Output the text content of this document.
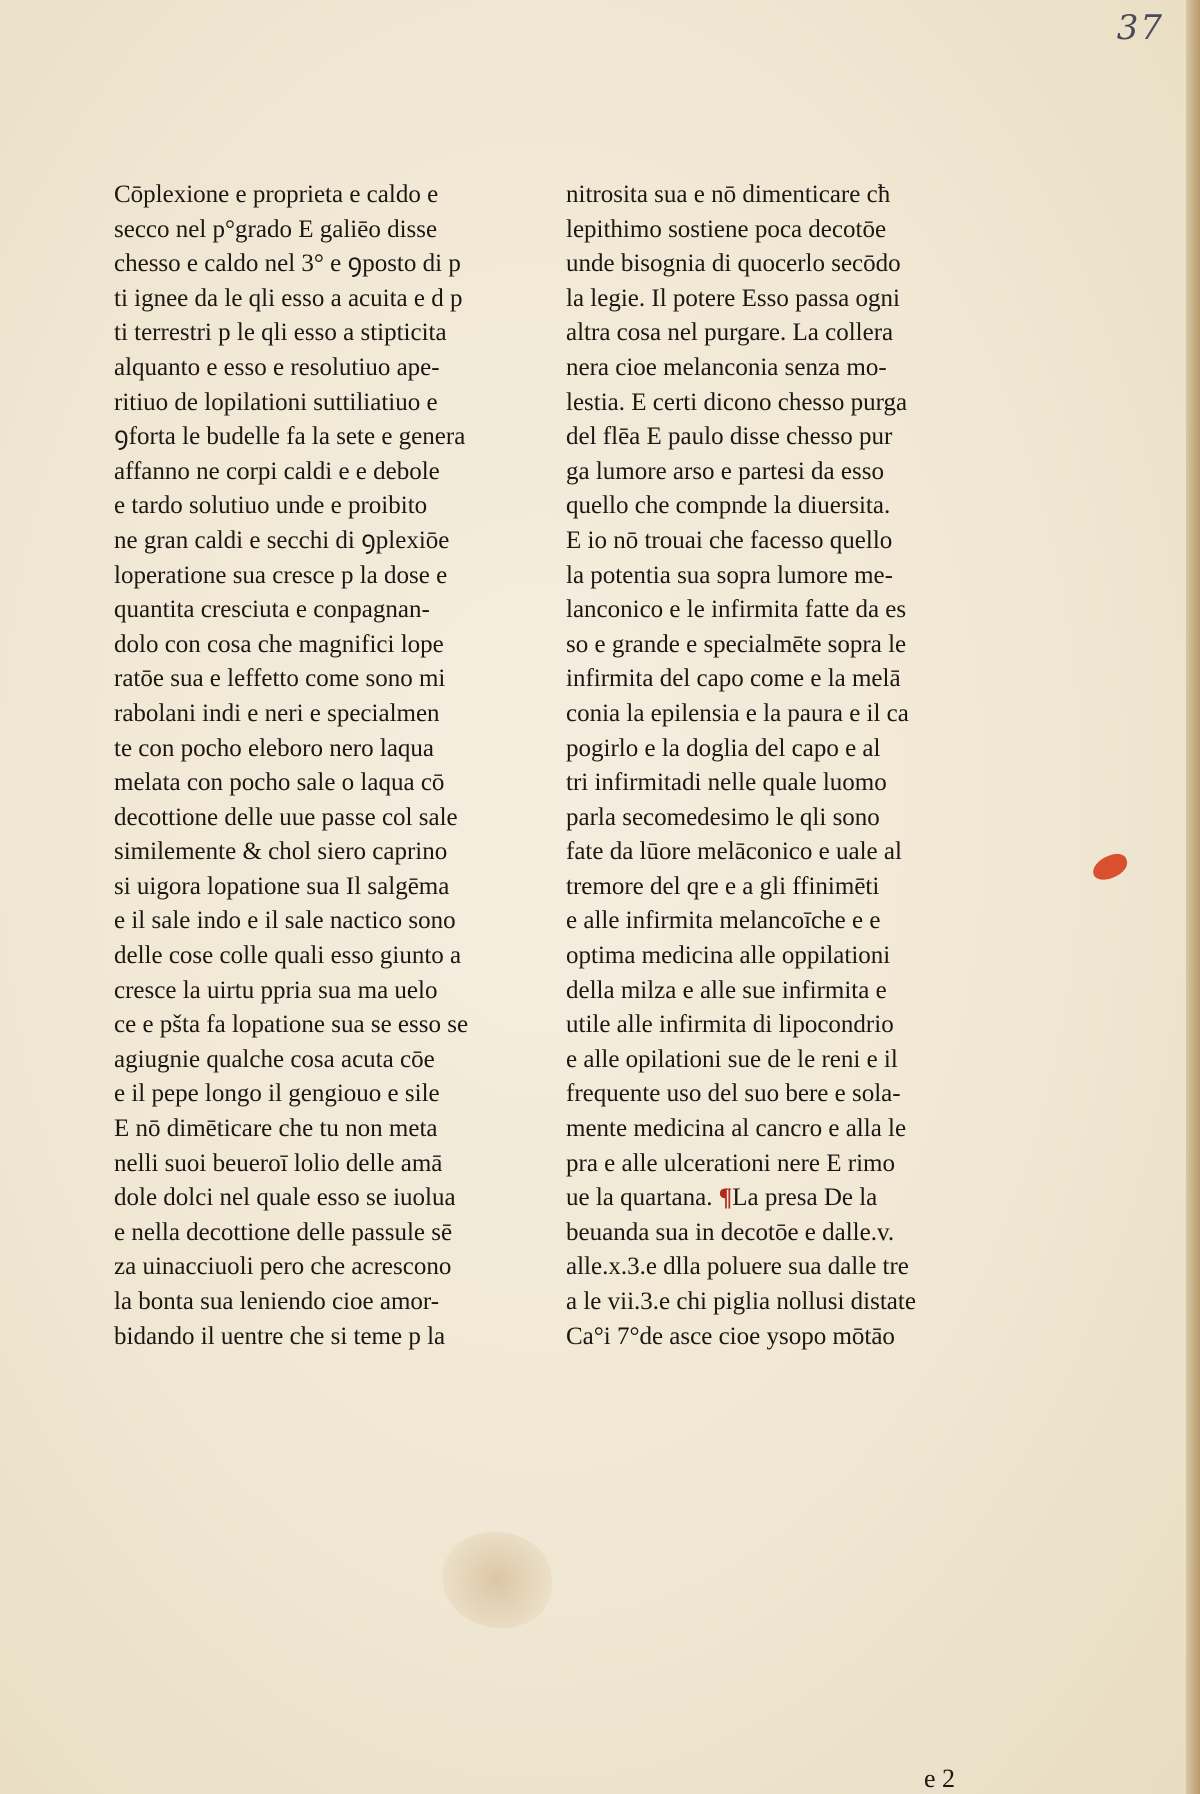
37
Cōplexione e proprieta e caldo e
secco nel p°grado E galiēo disse
chesso e caldo nel 3° e ꝯposto di p
ti ignee da le qli esso a acuita e d p
ti terrestri p le qli esso a stipticita
alquanto e esso e resolutiuo ape-
ritiuo de lopilationi suttiliatiuo e
ꝯforta le budelle fa la sete e genera
affanno ne corpi caldi e e debole
e tardo solutiuo unde e proibito
ne gran caldi e secchi di ꝯplexiōe
loperatione sua cresce p la dose e
quantita cresciuta e conpagnan-
dolo con cosa che magnifici lope
ratōe sua e leffetto come sono mi
rabolani indi e neri e specialmen
te con pocho eleboro nero laqua
melata con pocho sale o laqua cō
decottione delle uue passe col sale
similemente & chol siero caprino
si uigora lopatione sua Il salgēma
e il sale indo e il sale nactico sono
delle cose colle quali esso giunto a
cresce la uirtu ppria sua ma uelo
ce e pšta fa lopatione sua se esso se
agiugnie qualche cosa acuta cōe
e il pepe longo il gengiouo e sile
E nō dimēticare che tu non meta
nelli suoi beueroī lolio delle amā
dole dolci nel quale esso se iuolua
e nella decottione delle passule sē
za uinacciuoli pero che acrescono
la bonta sua leniendo cioe amor-
bidando il uentre che si teme p la
nitrosita sua e nō dimenticare cħ
lepithimo sostiene poca decotōe
unde bisognia di quocerlo secōdo
la legie. Il potere Esso passa ogni
altra cosa nel purgare. La collera
nera cioe melanconia senza mo-
lestia. E certi dicono chesso purga
del flēa E paulo disse chesso pur
ga lumore arso e partesi da esso
quello che compnde la diuersita.
E io nō trouai che facesso quello
la potentia sua sopra lumore me-
lanconico e le infirmita fatte da es
so e grande e specialmēte sopra le
infirmita del capo come e la melā
conia la epilensia e la paura e il ca
pogirlo e la doglia del capo e al
tri infirmitadi nelle quale luomo
parla secomedesimo le qli sono
fate da lūore melāconico e uale al
tremore del qre e a gli ffinimēti
e alle infirmita melancoīche e e
optima medicina alle oppilationi
della milza e alle sue infirmita e
utile alle infirmita di lipocondrio
e alle opilationi sue de le reni e il
frequente uso del suo bere e sola-
mente medicina al cancro e alla le
pra e alle ulcerationi nere E rimo
ue la quartana. ¶La presa De la
beuanda sua in decotōe e dalle.v.
alle.x.3.e dlla poluere sua dalle tre
a le vii.3.e chi piglia nollusi distate
Ca°i 7°de asce cioe ysopo mōtāo
e 2
